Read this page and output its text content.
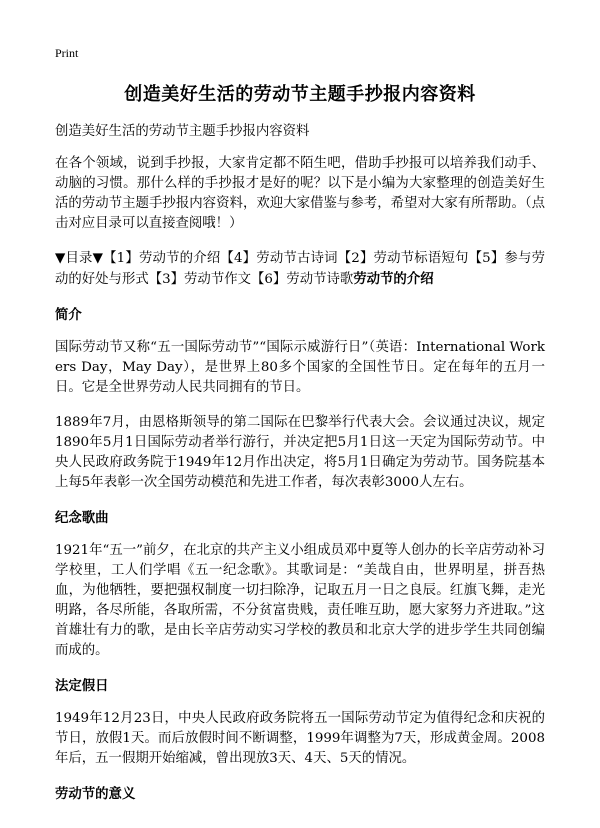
Print
创造美好生活的劳动节主题手抄报内容资料

创造美好生活的劳动节主题手抄报内容资料

在各个领域，说到手抄报，大家肯定都不陌生吧，借助手抄报可以培养我们动手、动脑的习惯。那什么样的手抄报才是好的呢？以下是小编为大家整理的创造美好生活的劳动节主题手抄报内容资料，欢迎大家借鉴与参考，希望对大家有所帮助。（点击对应目录可以直接查阅哦！）

▼目录▼【1】劳动节的介绍【4】劳动节古诗词【2】劳动节标语短句【5】参与劳动的好处与形式【3】劳动节作文【6】劳动节诗歌劳动节的介绍

简介

国际劳动节又称“五一国际劳动节”“国际示威游行日”（英语：International Workers Day，May Day），是世界上80多个国家的全国性节日。定在每年的五月一日。它是全世界劳动人民共同拥有的节日。

1889年7月，由恩格斯领导的第二国际在巴黎举行代表大会。会议通过决议，规定1890年5月1日国际劳动者举行游行，并决定把5月1日这一天定为国际劳动节。中央人民政府政务院于1949年12月作出决定，将5月1日确定为劳动节。国务院基本上每5年表彰一次全国劳动模范和先进工作者，每次表彰3000人左右。

纪念歌曲

1921年“五一”前夕，在北京的共产主义小组成员邓中夏等人创办的长辛店劳动补习学校里，工人们学唱《五一纪念歌》。其歌词是：“美哉自由，世界明星，拼吾热血，为他牺牲，要把强权制度一切扫除净，记取五月一日之良辰。红旗飞舞，走光明路，各尽所能，各取所需，不分贫富贵贱，责任唯互助，愿大家努力齐进取。”这首雄壮有力的歌，是由长辛店劳动实习学校的教员和北京大学的进步学生共同创编而成的。

法定假日

1949年12月23日，中央人民政府政务院将五一国际劳动节定为值得纪念和庆祝的节日，放假1天。而后放假时间不断调整，1999年调整为7天，形成黄金周。2008年后，五一假期开始缩减，曾出现放3天、4天、5天的情况。

劳动节的意义
